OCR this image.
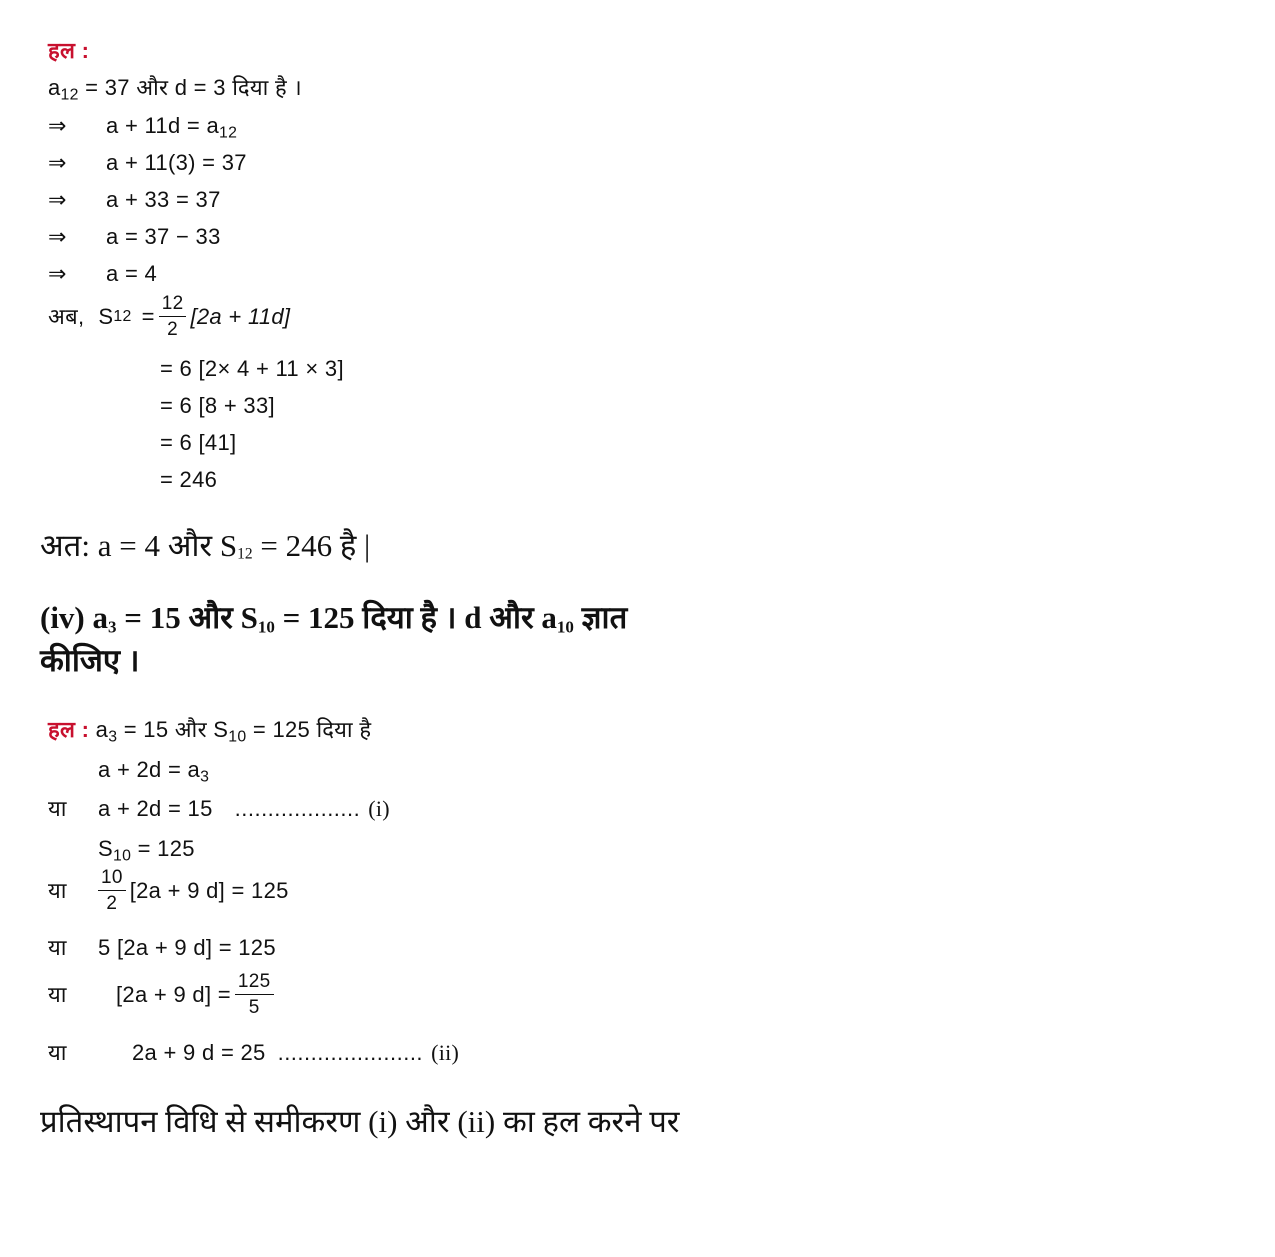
हल :
$a_{12} = 37$ और d = 3 दिया है ।
⇒ $a + 11d = a_{12}$
⇒ a + 11(3) = 37
⇒ a + 33 = 37
⇒ a = 37 − 33
⇒ a = 4
अब, S $12 = \frac{12}{2} [2a + 11d]$
= 6 [2× 4 + 11 × 3]
= 6 [8 + 33]
= 6 [41]
= 246
अत: a = 4 और S12 = 246 है |
(iv) $a_3 = 15$ और $S_{10} = 125$ दिया है । d और $a_{10}$ ज्ञात
कीजिए ।
हल : $a_3 = 15$ और $S_{10} = 125$ दिया है
$a + 2d = a_3$
या a + 2d = 15 ................... (i)
$S_{10} = 125$
या	$\frac{10}{2} [2a + 9$ d] = 125
या 5 [2a + 9 d] = 125
या	[2a + 9 $d] = \frac{125}{5}$
या	2a + 9 d = 25 ...................... (ii)
प्रतिस्थापन विधि से समीकरण (i) और (ii) का हल करने पर
